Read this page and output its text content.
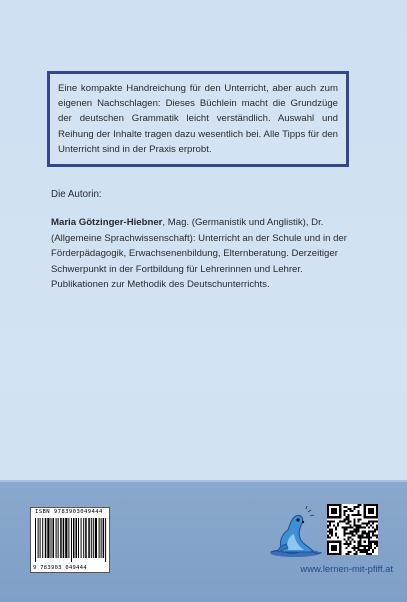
Eine kompakte Handreichung für den Unterricht, aber auch zum eigenen Nachschlagen: Dieses Büchlein macht die Grundzüge der deutschen Grammatik leicht verständlich. Auswahl und Reihung der Inhalte tragen dazu wesentlich bei. Alle Tipps für den Unterricht sind in der Praxis erprobt.

Die Autorin:

Maria Götzinger-Hiebner, Mag. (Germanistik und Anglistik), Dr. (Allgemeine Sprachwissenschaft): Unterricht an der Schule und in der Förderpädagogik, Erwachsenenbildung, Elternberatung. Derzeitiger Schwerpunkt in der Fortbildung für Lehrerinnen und Lehrer. Publikationen zur Methodik des Deutschunterrichts.

ISBN 9783903049444
9 783903 049444	www.lernen-mit-pfiff.at
